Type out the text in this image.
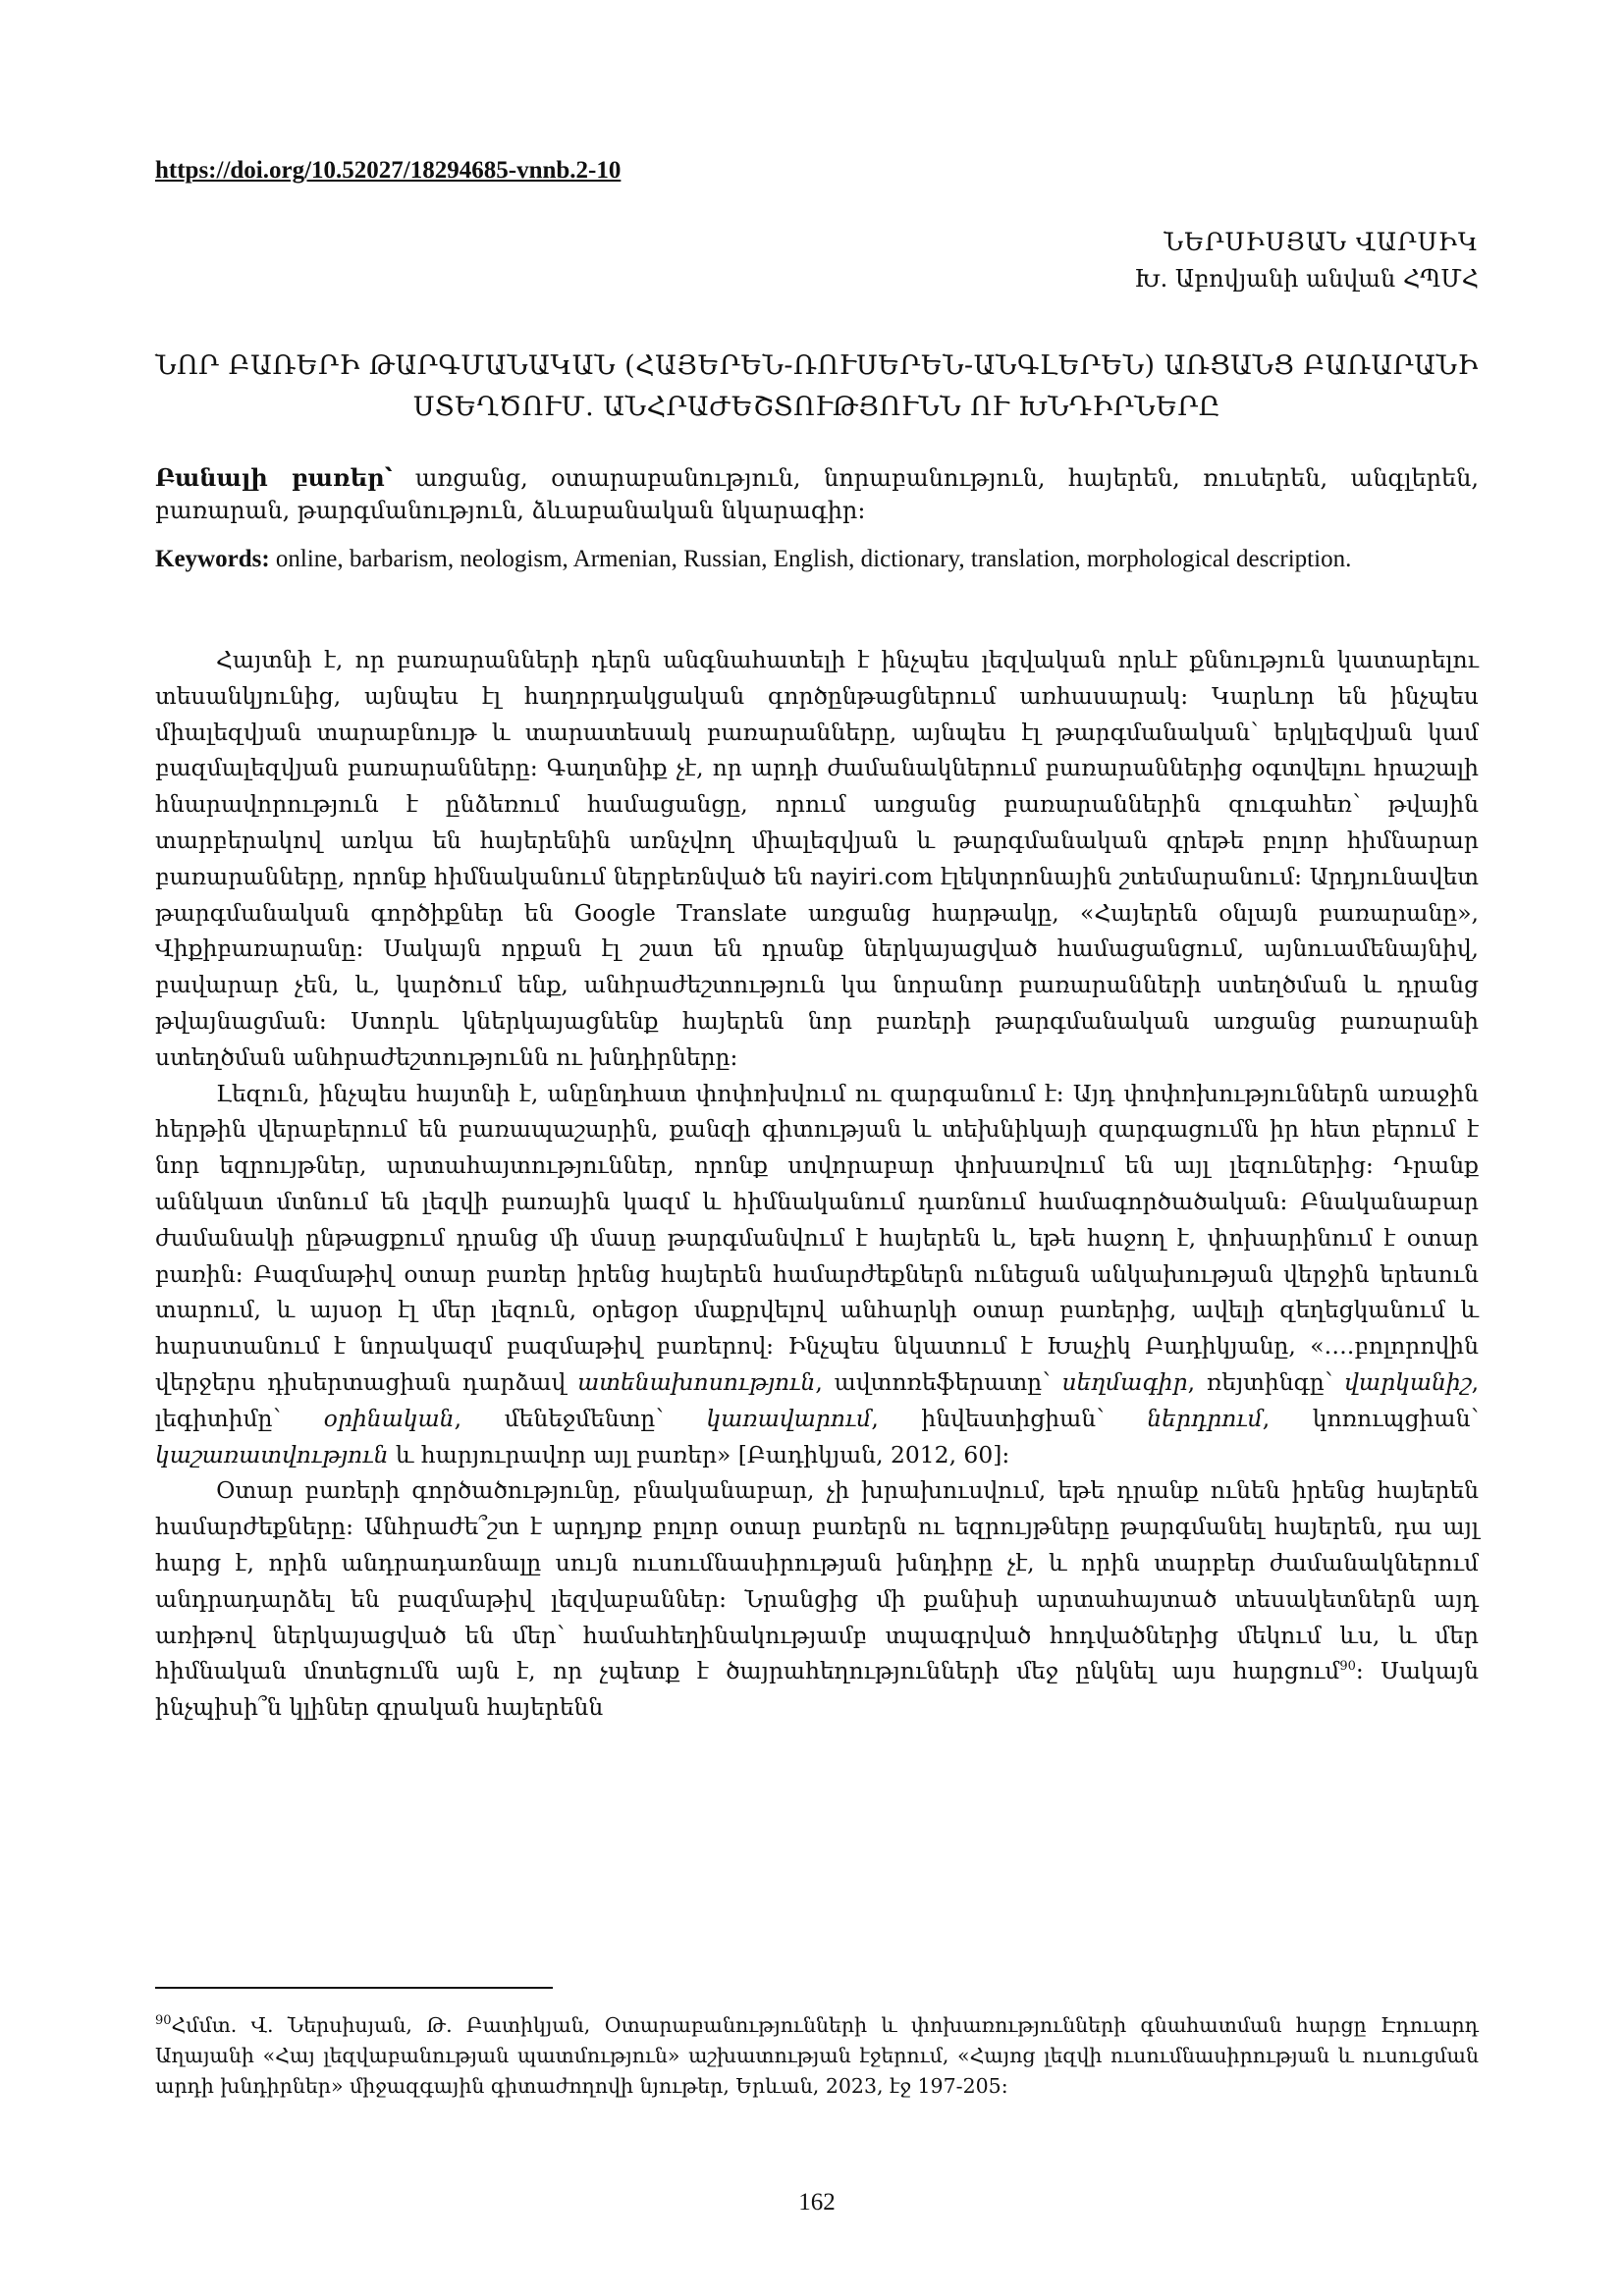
https://doi.org/10.52027/18294685-vnnb.2-10
ՆԵՐՍԻՍՅԱՆ ՎԱՐՍԻԿ
Խ. Աբովյանի անվան ՀՊՄՀ
ՆՈՐ ԲԱՌԵՐԻ ԹԱՐԳՄԱՆԱԿԱՆ (ՀԱՅԵՐԵՆ-ՌՈՒՍԵՐԵՆ-ԱՆԳԼԵՐԵՆ) ԱՌՑԱՆՑ ԲԱՌԱՐԱՆԻ
ՍՏԵՂԾՈՒՄ. ԱՆՀՐԱԺԵՇՏՈՒԹՅՈՒՆՆ ՈՒ ԽՆԴԻՐՆԵՐԸ
Բանալի բառեր՝ առցանց, օտարաբանություն, նորաբանություն, հայերեն, ռուսերեն, անգլերեն, բառարան, թարգմանություն, ձևաբանական նկարագիր:
Keywords: online, barbarism, neologism, Armenian, Russian, English, dictionary, translation, morphological description.

Հայտնի է, որ բառարանների դերն անգնահատելի է ինչպես լեզվական որևէ քննություն կատարելու տեսանկյունից, այնպես էլ հաղորդակցական գործընթացներում առհասարակ: Կարևոր են ինչպես միալեզվյան տարաբնույթ և տարատեսակ բառարանները, այնպես էլ թարգմանական՝ երկլեզվյան կամ բազմալեզվյան բառարանները: Գաղտնիք չէ, որ արդի ժամանակներում բառարաններից օգտվելու հրաշալի հնարավորություն է ընձեռում համացանցը, որում առցանց բառարաններին զուգահեռ՝ թվային տարբերակով առկա են հայերենին առնչվող միալեզվյան և թարգմանական գրեթե բոլոր հիմնարար բառարանները, որոնք հիմնականում ներբեռնված են nayiri.com էլեկտրոնային շտեմարանում: Արդյունավետ թարգմանական գործիքներ են Google Translate առցանց հարթակը, «Հայերեն օնլայն բառարանը», Վիքիբառարանը: Սակայն որքան էլ շատ են դրանք ներկայացված համացանցում, այնուամենայնիվ, բավարար չեն, և, կարծում ենք, անհրաժեշտություն կա նորանոր բառարանների ստեղծման և դրանց թվայնացման: Ստորև կներկայացնենք հայերեն նոր բառերի թարգմանական առցանց բառարանի ստեղծման անհրաժեշտությունն ու խնդիրները:

Լեզուն, ինչպես հայտնի է, անընդհատ փոփոխվում ու զարգանում է: Այդ փոփոխություններն առաջին հերթին վերաբերում են բառապաշարին, քանզի գիտության և տեխնիկայի զարգացումն իր հետ բերում է նոր եզրույթներ, արտահայտություններ, որոնք սովորաբար փոխառվում են այլ լեզուներից: Դրանք աննկատ մտնում են լեզվի բառային կազմ և հիմնականում դառնում համագործածական: Բնականաբար ժամանակի ընթացքում դրանց մի մասը թարգմանվում է հայերեն և, եթե հաջող է, փոխարինում է օտար բառին: Բազմաթիվ օտար բառեր իրենց հայերեն համարժեքներն ունեցան անկախության վերջին երեսուն տարում, և այսօր էլ մեր լեզուն, օրեցօր մաքրվելով անհարկի օտար բառերից, ավելի զեղեցկանում և հարստանում է նորակազմ բազմաթիվ բառերով: Ինչպես նկատում է Խաչիկ Բադիկյանը, «….բոլորովին վերջերս դիսերտացիան դարձավ ատենախոսություն, ավտոռեֆերատը՝ սեղմագիր, ռեյտինգը՝ վարկանիշ, լեգիտիմը՝ օրինական, մենեջմենտը՝ կառավարում, ինվեստիցիան՝ ներդրում, կոռուպցիան՝ կաշառատվություն և հարյուրավոր այլ բառեր» [Բադիկյան, 2012, 60]:

Օտար բառերի գործածությունը, բնականաբար, չի խրախուսվում, եթե դրանք ունեն իրենց հայերեն համարժեքները: Անհրաժե՞շտ է արդյոք բոլոր օտար բառերն ու եզրույթները թարգմանել հայերեն, դա այլ հարց է, որին անդրադառնալը սույն ուսումնասիրության խնդիրը չէ, և որին տարբեր ժամանակներում անդրադարձել են բազմաթիվ լեզվաբաններ: Նրանցից մի քանիսի արտահայտած տեսակետներն այդ առիթով ներկայացված են մեր՝ համահեղինակությամբ տպագրված հոդվածներից մեկում ևս, և մեր հիմնական մոտեցումն այն է, որ չպետք է ծայրահեղությունների մեջ ընկնել այս հարցում$^{90}$: Սակայն ինչպիսի՞ն կլիներ գրական հայերենն

$^{90}$Հմմտ. Վ. Ներսիսյան, Թ. Բատիկյան, Օտարաբանությունների և փոխառությունների գնահատման հարցը Էդուարդ Աղայանի «Հայ լեզվաբանության պատմություն» աշխատության էջերում, «Հայոց լեզվի ուսումնասիրության և ուսուցման արդի խնդիրներ» միջազգային գիտաժողովի նյութեր, Երևան, 2023, էջ 197-205:
162
